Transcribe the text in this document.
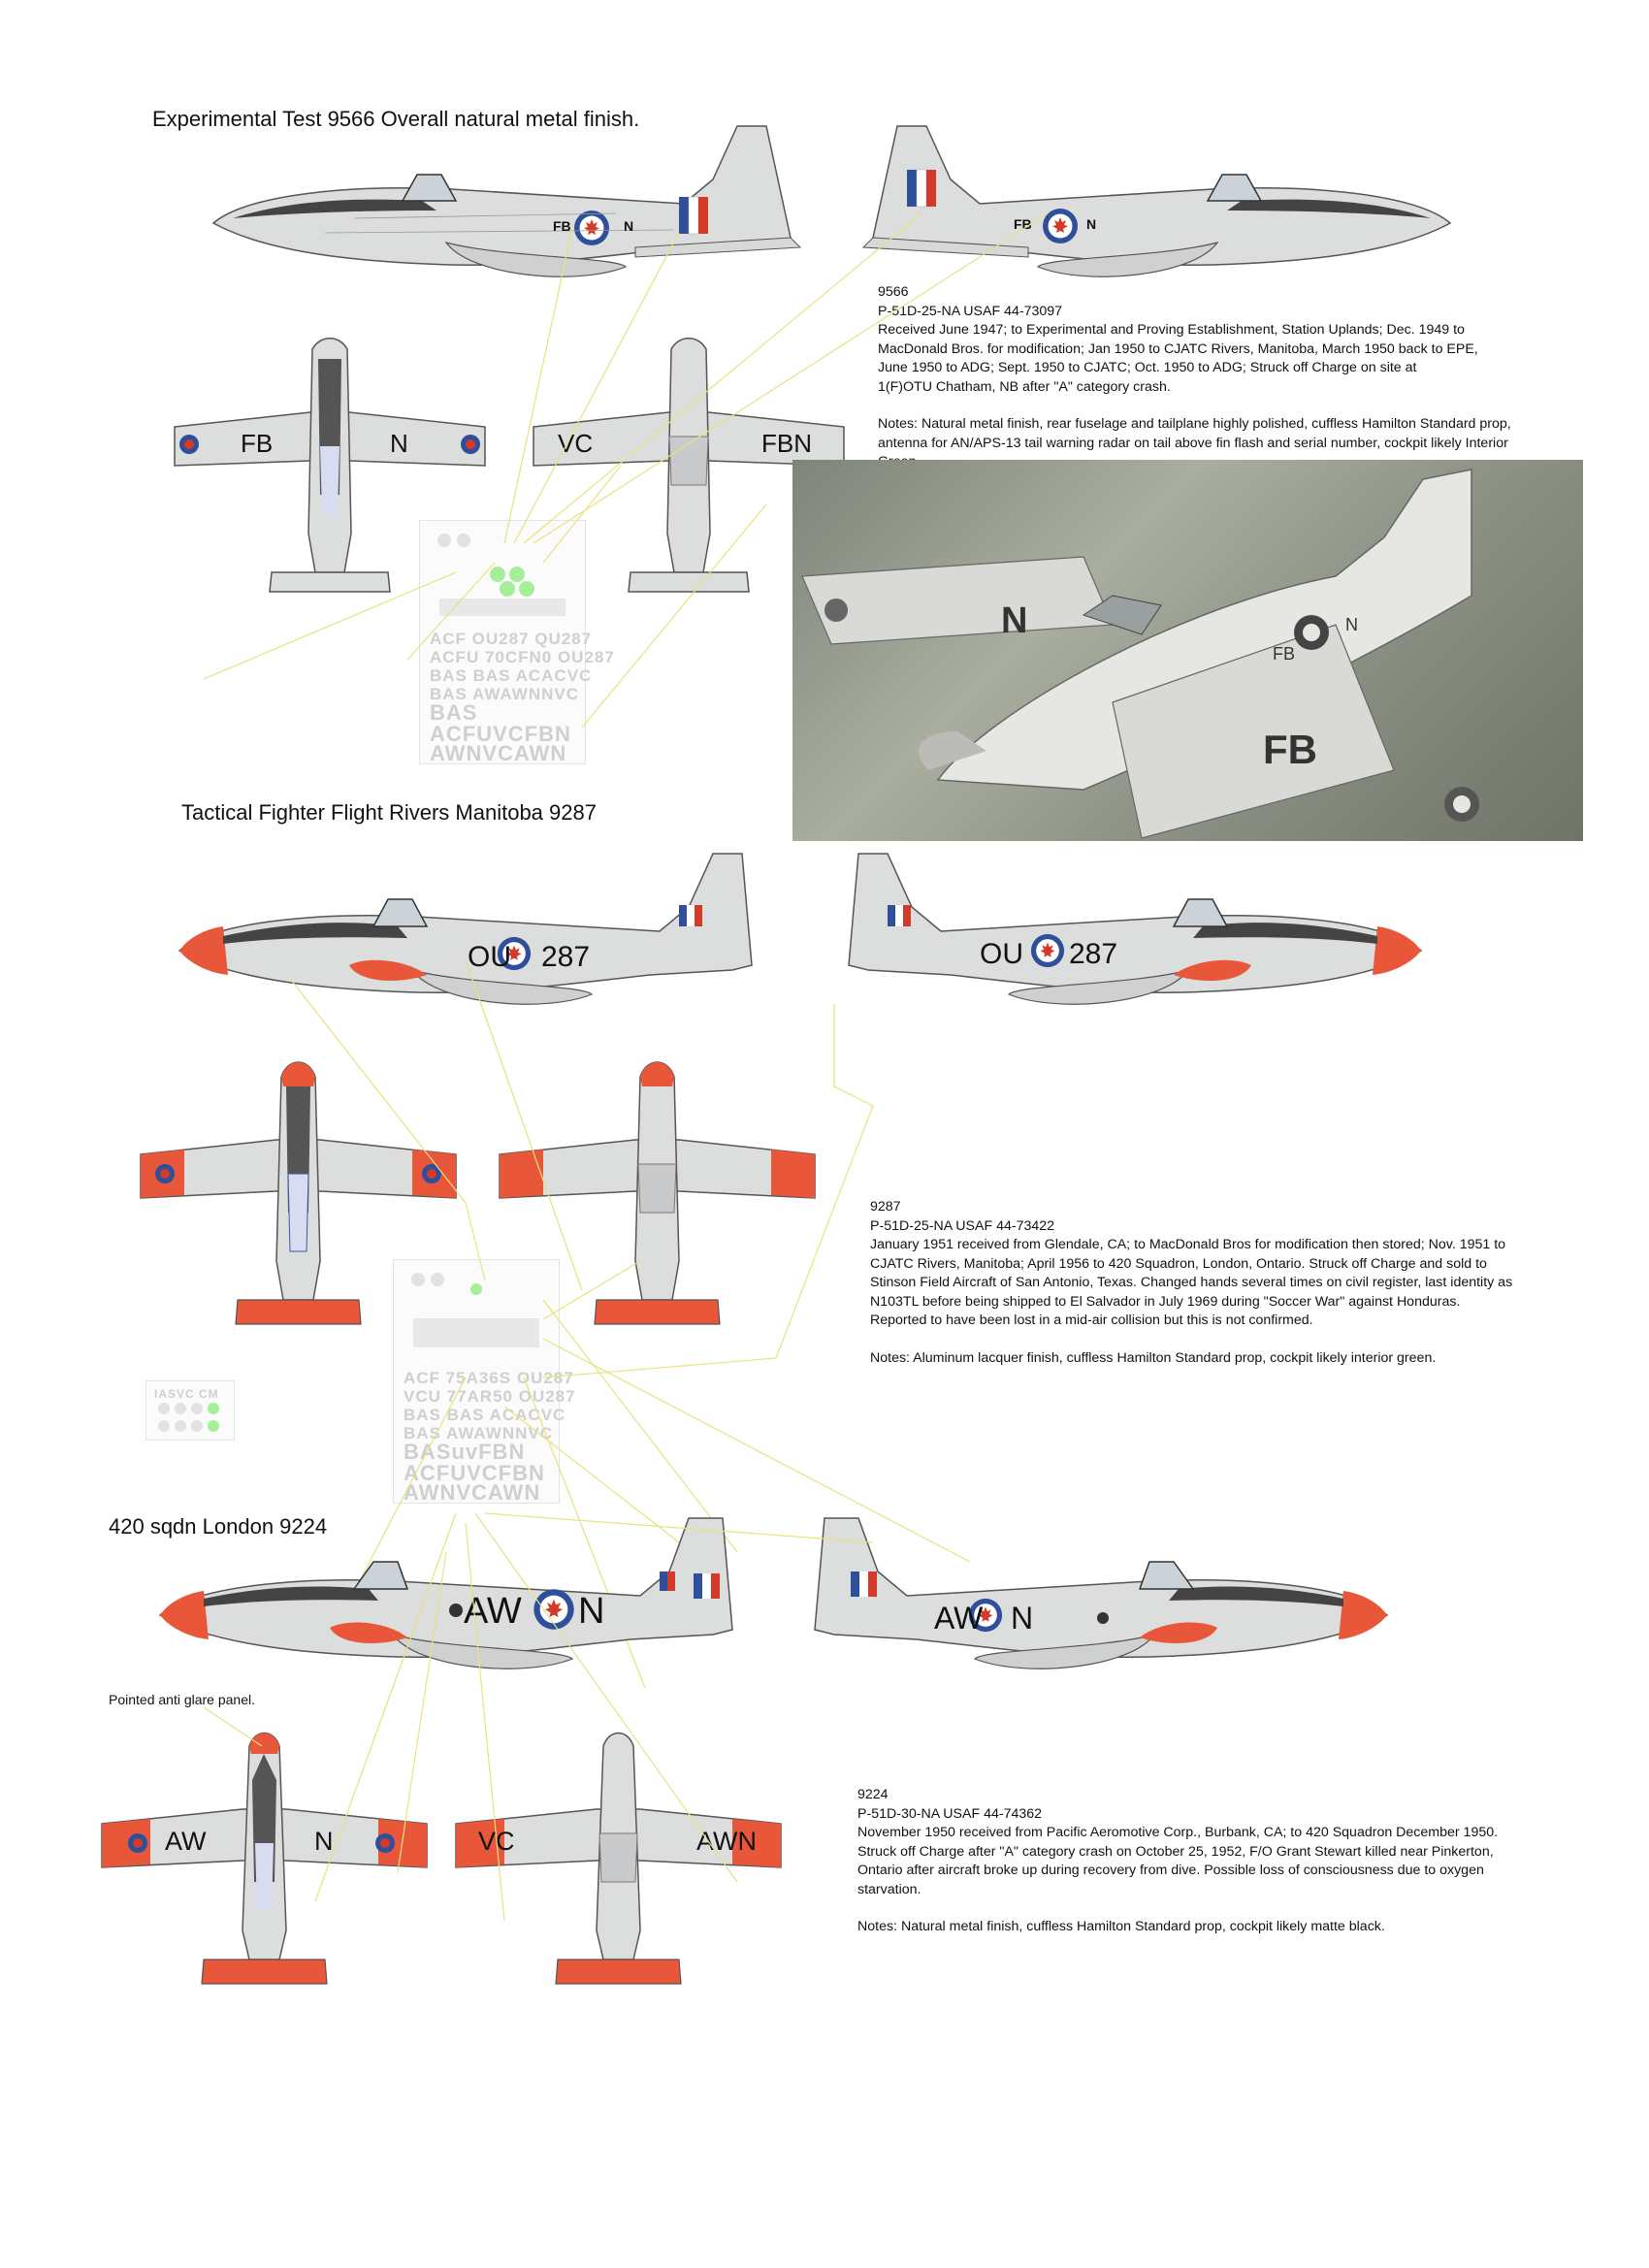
Experimental Test 9566 Overall natural metal finish.
FB	N	FB	N
FB	N	VC	FBN
ACF OU287 QU287
ACFU 70CFN0 OU287
BAS BAS ACACVC
BAS AWAWNNVC
BAS
ACFUVCFBN
AWNVCAWN

9566

P-51D-25-NA USAF 44-73097

Received June 1947; to Experimental and Proving Establishment, Station Uplands; Dec. 1949 to

MacDonald Bros. for modification; Jan 1950 to CJATC Rivers, Manitoba, March 1950 back to EPE,

June 1950 to ADG; Sept. 1950 to CJATC; Oct. 1950 to ADG; Struck off Charge on site at

1(F)OTU Chatham, NB after "A" category crash.

Notes: Natural metal finish, rear fuselage and tailplane highly polished, cuffless Hamilton Standard prop,

antenna for AN/APS-13 tail warning radar on tail above fin flash and serial number, cockpit likely Interior

N
FB
N
FB
Tactical Fighter Flight Rivers Manitoba 9287
OU 287	OU 287
ACF 75A36S OU287
VCU 77AR50 OU287
BAS BAS ACACVC
BAS AWAWNNVC
BASuvFBN
ACFUVCFBN
AWNVCAWN
IASVC CM

9287

P-51D-25-NA USAF 44-73422

January 1951 received from Glendale, CA; to MacDonald Bros for modification then stored; Nov. 1951 to

CJATC Rivers, Manitoba; April 1956 to 420 Squadron, London, Ontario. Struck off Charge and sold to

Stinson Field Aircraft of San Antonio, Texas. Changed hands several times on civil register, last identity as

N103TL before being shipped to El Salvador in July 1969 during "Soccer War" against Honduras.

Reported to have been lost in a mid-air collision but this is not confirmed.

Notes: Aluminum lacquer finish, cuffless Hamilton Standard prop, cockpit likely interior green.

420 sqdn London 9224
AW N	AW N
Pointed anti glare panel.
AW	N	VC	AWN

9224

P-51D-30-NA USAF 44-74362

November 1950 received from Pacific Aeromotive Corp., Burbank, CA; to 420 Squadron December 1950.

Struck off Charge after "A" category crash on October 25, 1952, F/O Grant Stewart killed near Pinkerton,

Ontario after aircraft broke up during recovery from dive. Possible loss of consciousness due to oxygen

starvation.

Notes: Natural metal finish, cuffless Hamilton Standard prop, cockpit likely matte black.
